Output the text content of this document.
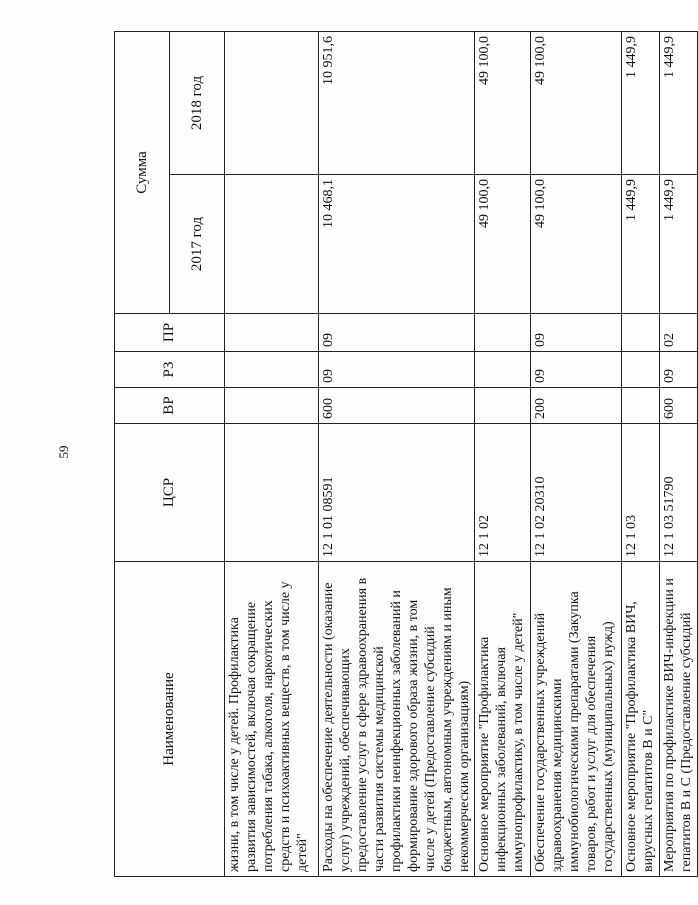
59
Наименование	ЦСР	ВР	РЗ	ПР	Сумма	
					2017 год	2018 год
жизни, в том числе у детей. Профилактика развития зависимостей, включая сокращение потребления табака, алкоголя, наркотических средств и психоактивных веществ, в том числе у детей"						
Расходы на обеспечение деятельности (оказание услуг) учреждений, обеспечивающих предоставление услуг в сфере здравоохранения в части развития системы медицинской профилактики неинфекционных заболеваний и формирование здорового образа жизни, в том числе у детей (Предоставление субсидий бюджетным, автономным учреждениям и иным некоммерческим организациям)	12 1 01 08591	600	09	09	10 468,1	10 951,6
Основное мероприятие "Профилактика инфекционных заболеваний, включая иммунопрофилактику, в том числе у детей"	12 1 02				49 100,0	49 100,0
Обеспечение государственных учреждений здравоохранения медицинскими иммунобиологическими препаратами (Закупка товаров, работ и услуг для обеспечения государственных (муниципальных) нужд)	12 1 02 20310	200	09	09	49 100,0	49 100,0
Основное мероприятие "Профилактика ВИЧ, вирусных гепатитов В и С"	12 1 03				1 449,9	1 449,9
Мероприятия по профилактике ВИЧ-инфекции и гепатитов В и С (Предоставление субсидий	12 1 03 51790	600	09	02	1 449,9	1 449,9
